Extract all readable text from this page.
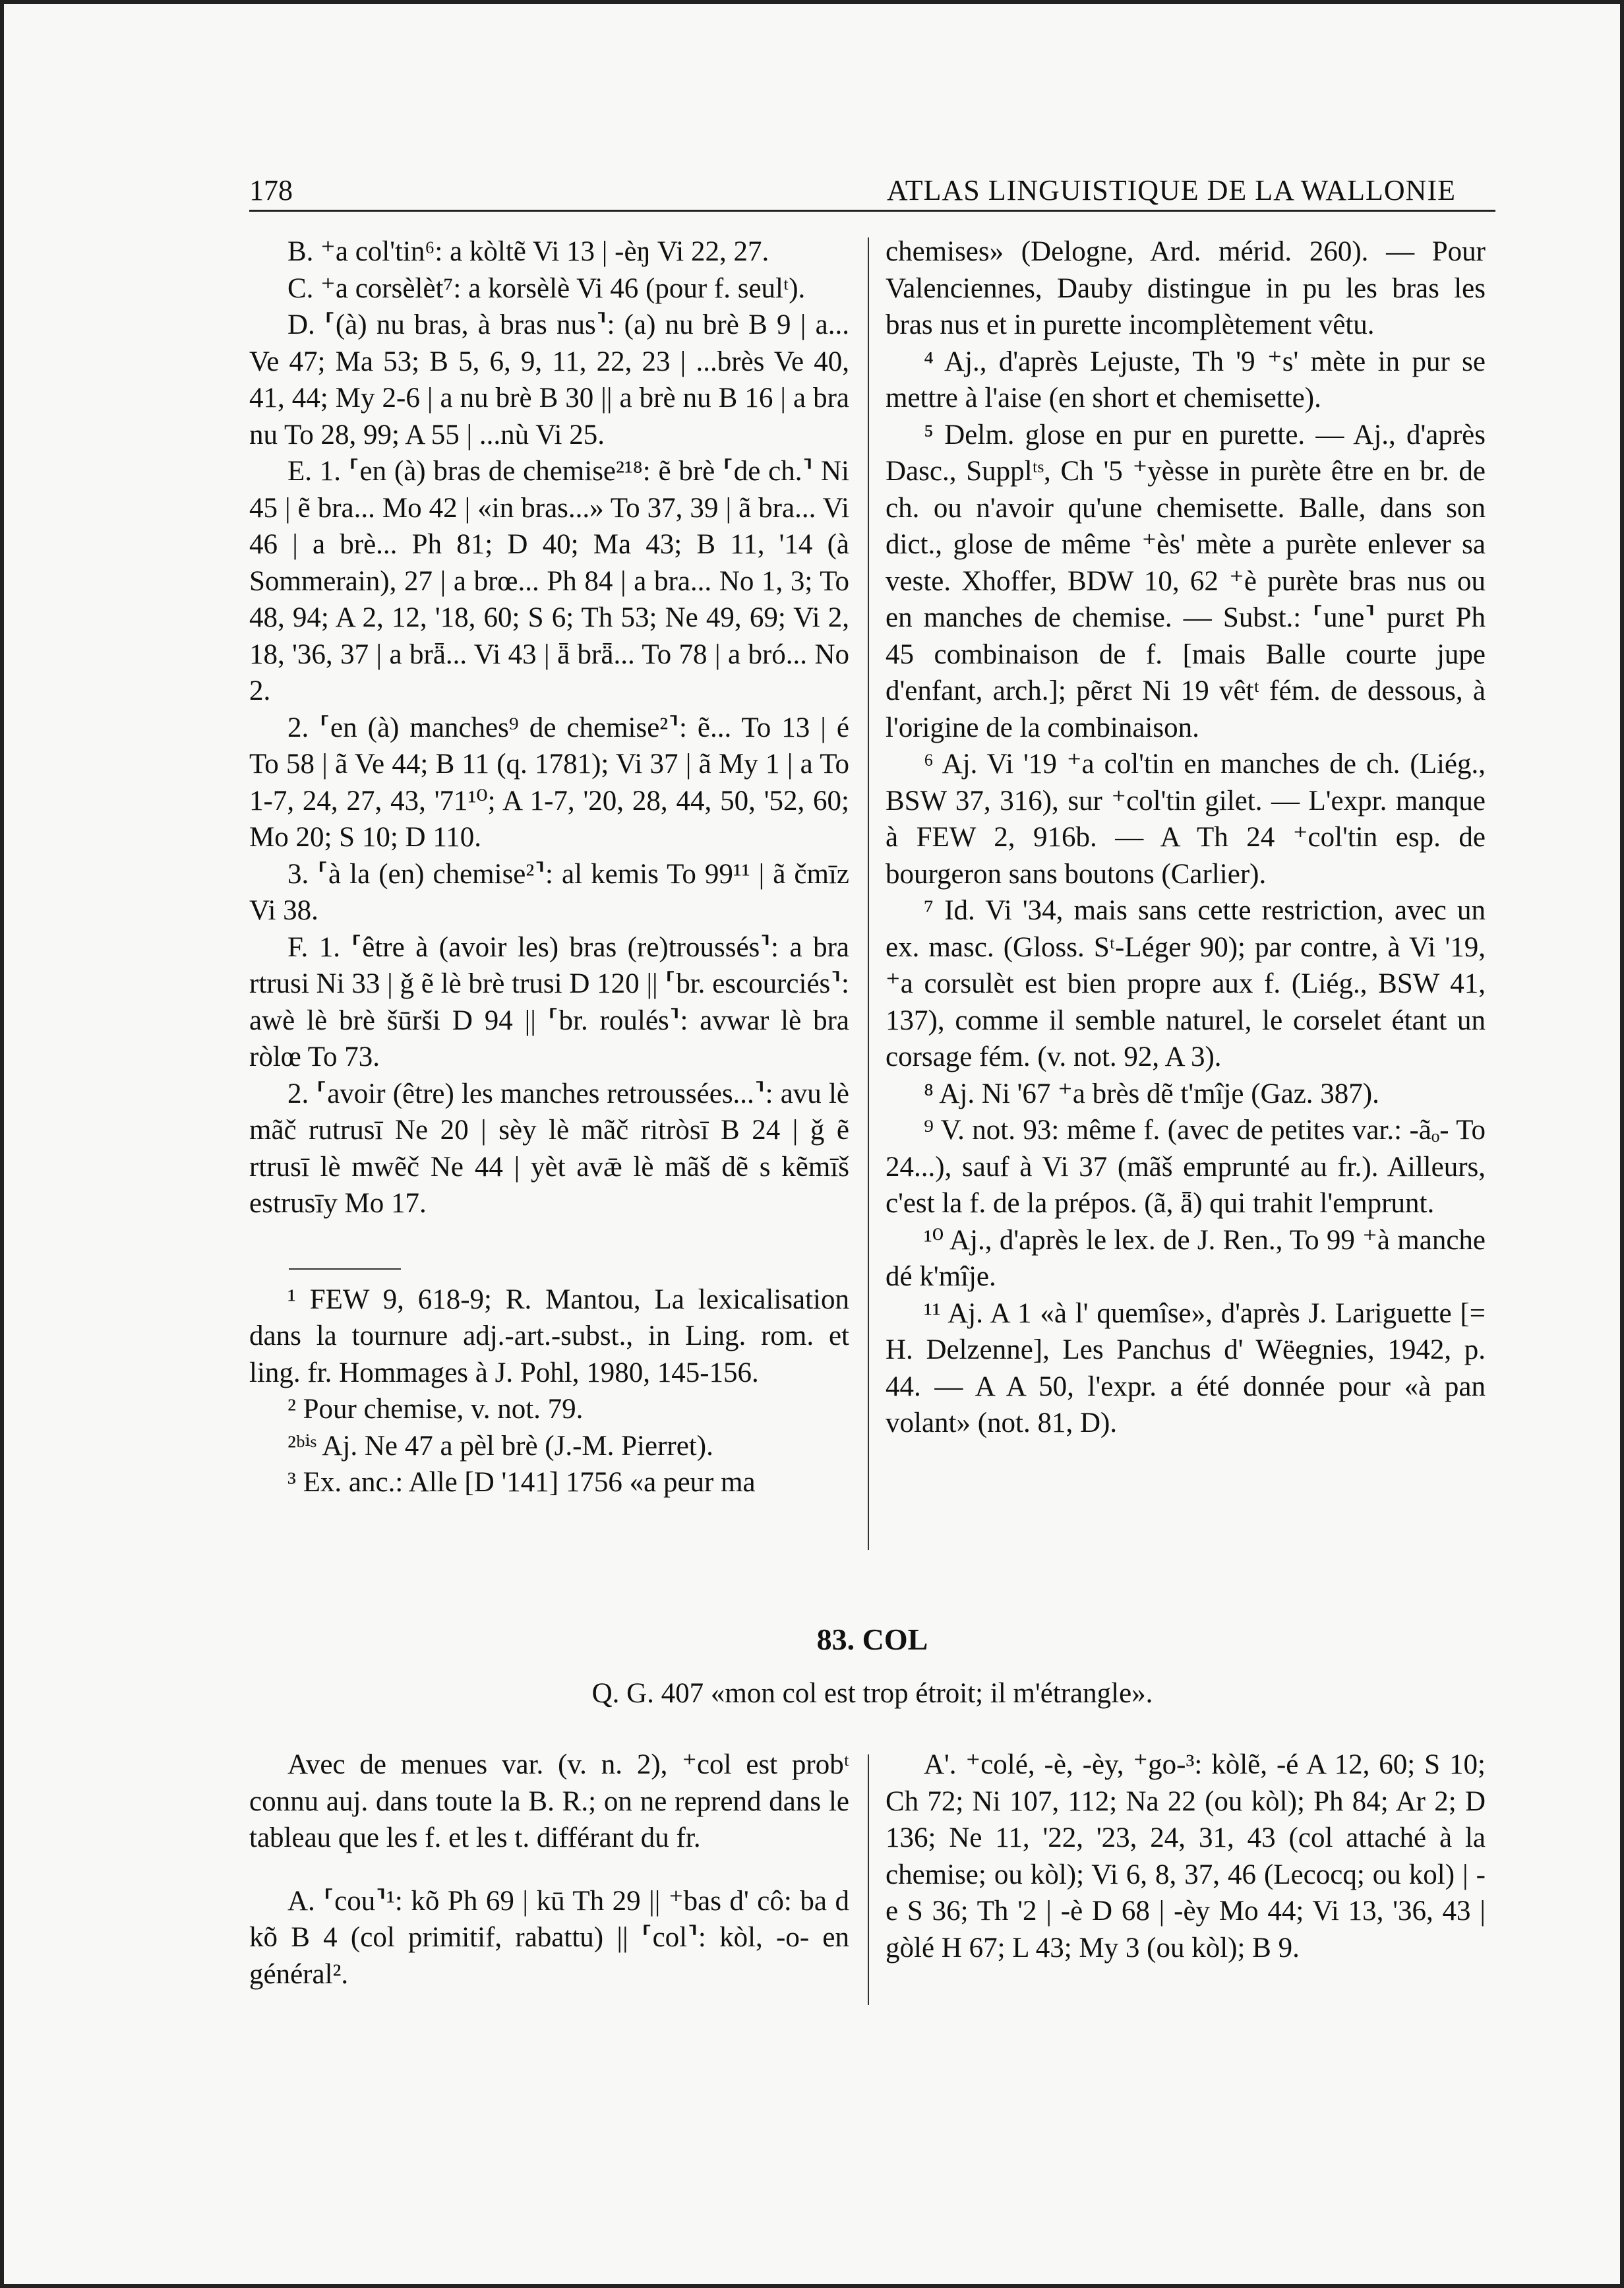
178	ATLAS LINGUISTIQUE DE LA WALLONIE

B. ⁺a col'tin⁶: a kòltẽ Vi 13 | -èŋ Vi 22, 27.

C. ⁺a corsèlèt⁷: a korsèlè Vi 46 (pour f. seulᵗ).

D. ⸢(à) nu bras, à bras nus⸣: (a) nu brè B 9 | a... Ve 47; Ma 53; B 5, 6, 9, 11, 22, 23 | ...brès Ve 40, 41, 44; My 2-6 | a nu brè B 30 || a brè nu B 16 | a bra nu To 28, 99; A 55 | ...nù Vi 25.

E. 1. ⸢en (à) bras de chemise²¹⁸: ẽ brè ⸢de ch.⸣ Ni 45 | ẽ bra... Mo 42 | «in bras...» To 37, 39 | ã bra... Vi 46 | a brè... Ph 81; D 40; Ma 43; B 11, '14 (à Sommerain), 27 | a brœ... Ph 84 | a bra... No 1, 3; To 48, 94; A 2, 12, '18, 60; S 6; Th 53; Ne 49, 69; Vi 2, 18, '36, 37 | a brǟ... Vi 43 | ǟ brǟ... To 78 | a bró... No 2.

2. ⸢en (à) manches⁹ de chemise²⸣: ẽ... To 13 | é To 58 | ã Ve 44; B 11 (q. 1781); Vi 37 | ã My 1 | a To 1-7, 24, 27, 43, '71¹⁰; A 1-7, '20, 28, 44, 50, '52, 60; Mo 20; S 10; D 110.

3. ⸢à la (en) chemise²⸣: al kemis To 99¹¹ | ã čmīz Vi 38.

F. 1. ⸢être à (avoir les) bras (re)troussés⸣: a bra rtrusi Ni 33 | ǧ ẽ lè brè trusi D 120 || ⸢br. escourciés⸣: awè lè brè šūrši D 94 || ⸢br. roulés⸣: avwar lè bra ròlœ To 73.

2. ⸢avoir (être) les manches retroussées...⸣: avu lè mãč rutrusī Ne 20 | sèy lè mãč ritròsī B 24 | ǧ ẽ rtrusī lè mwẽč Ne 44 | yèt avǣ lè mãš dẽ s kẽmīš estrusīy Mo 17.

¹ FEW 9, 618-9; R. Mantou, La lexicalisation dans la tournure adj.-art.-subst., in Ling. rom. et ling. fr. Hommages à J. Pohl, 1980, 145-156.

² Pour chemise, v. not. 79.

²ᵇⁱˢ Aj. Ne 47 a pèl brè (J.-M. Pierret).

³ Ex. anc.: Alle [D '141] 1756 «a peur ma

chemises» (Delogne, Ard. mérid. 260). — Pour Valenciennes, Dauby distingue in pu les bras les bras nus et in purette incomplètement vêtu.

⁴ Aj., d'après Lejuste, Th '9 ⁺s' mète in pur se mettre à l'aise (en short et chemisette).

⁵ Delm. glose en pur en purette. — Aj., d'après Dasc., Supplᵗˢ, Ch '5 ⁺yèsse in purète être en br. de ch. ou n'avoir qu'une chemisette. Balle, dans son dict., glose de même ⁺ès' mète a purète enlever sa veste. Xhoffer, BDW 10, 62 ⁺è purète bras nus ou en manches de chemise. — Subst.: ⸢une⸣ purɛt Ph 45 combinaison de f. [mais Balle courte jupe d'enfant, arch.]; pẽrɛt Ni 19 vêtᵗ fém. de dessous, à l'origine de la combinaison.

⁶ Aj. Vi '19 ⁺a col'tin en manches de ch. (Liég., BSW 37, 316), sur ⁺col'tin gilet. — L'expr. manque à FEW 2, 916b. — A Th 24 ⁺col'tin esp. de bourgeron sans boutons (Carlier).

⁷ Id. Vi '34, mais sans cette restriction, avec un ex. masc. (Gloss. Sᵗ-Léger 90); par contre, à Vi '19, ⁺a corsulèt est bien propre aux f. (Liég., BSW 41, 137), comme il semble naturel, le corselet étant un corsage fém. (v. not. 92, A 3).

⁸ Aj. Ni '67 ⁺a brès dẽ t'mîje (Gaz. 387).

⁹ V. not. 93: même f. (avec de petites var.: -ãₒ- To 24...), sauf à Vi 37 (mãš emprunté au fr.). Ailleurs, c'est la f. de la prépos. (ã, ǟ) qui trahit l'emprunt.

¹⁰ Aj., d'après le lex. de J. Ren., To 99 ⁺à manche dé k'mîje.

¹¹ Aj. A 1 «à l' quemîse», d'après J. Lariguette [= H. Delzenne], Les Panchus d' Wëegnies, 1942, p. 44. — A A 50, l'expr. a été donnée pour «à pan volant» (not. 81, D).

83. COL
Q. G. 407 «mon col est trop étroit; il m'étrangle».

Avec de menues var. (v. n. 2), ⁺col est probᵗ connu auj. dans toute la B. R.; on ne reprend dans le tableau que les f. et les t. différant du fr.

A. ⸢cou⸣¹: kõ Ph 69 | kū Th 29 || ⁺bas d' cô: ba d kõ B 4 (col primitif, rabattu) || ⸢col⸣: kòl, -o- en général².

A'. ⁺colé, -è, -èy, ⁺go-³: kòlẽ, -é A 12, 60; S 10; Ch 72; Ni 107, 112; Na 22 (ou kòl); Ph 84; Ar 2; D 136; Ne 11, '22, '23, 24, 31, 43 (col attaché à la chemise; ou kòl); Vi 6, 8, 37, 46 (Lecocq; ou kol) | -e S 36; Th '2 | -è D 68 | -èy Mo 44; Vi 13, '36, 43 | gòlé H 67; L 43; My 3 (ou kòl); B 9.
